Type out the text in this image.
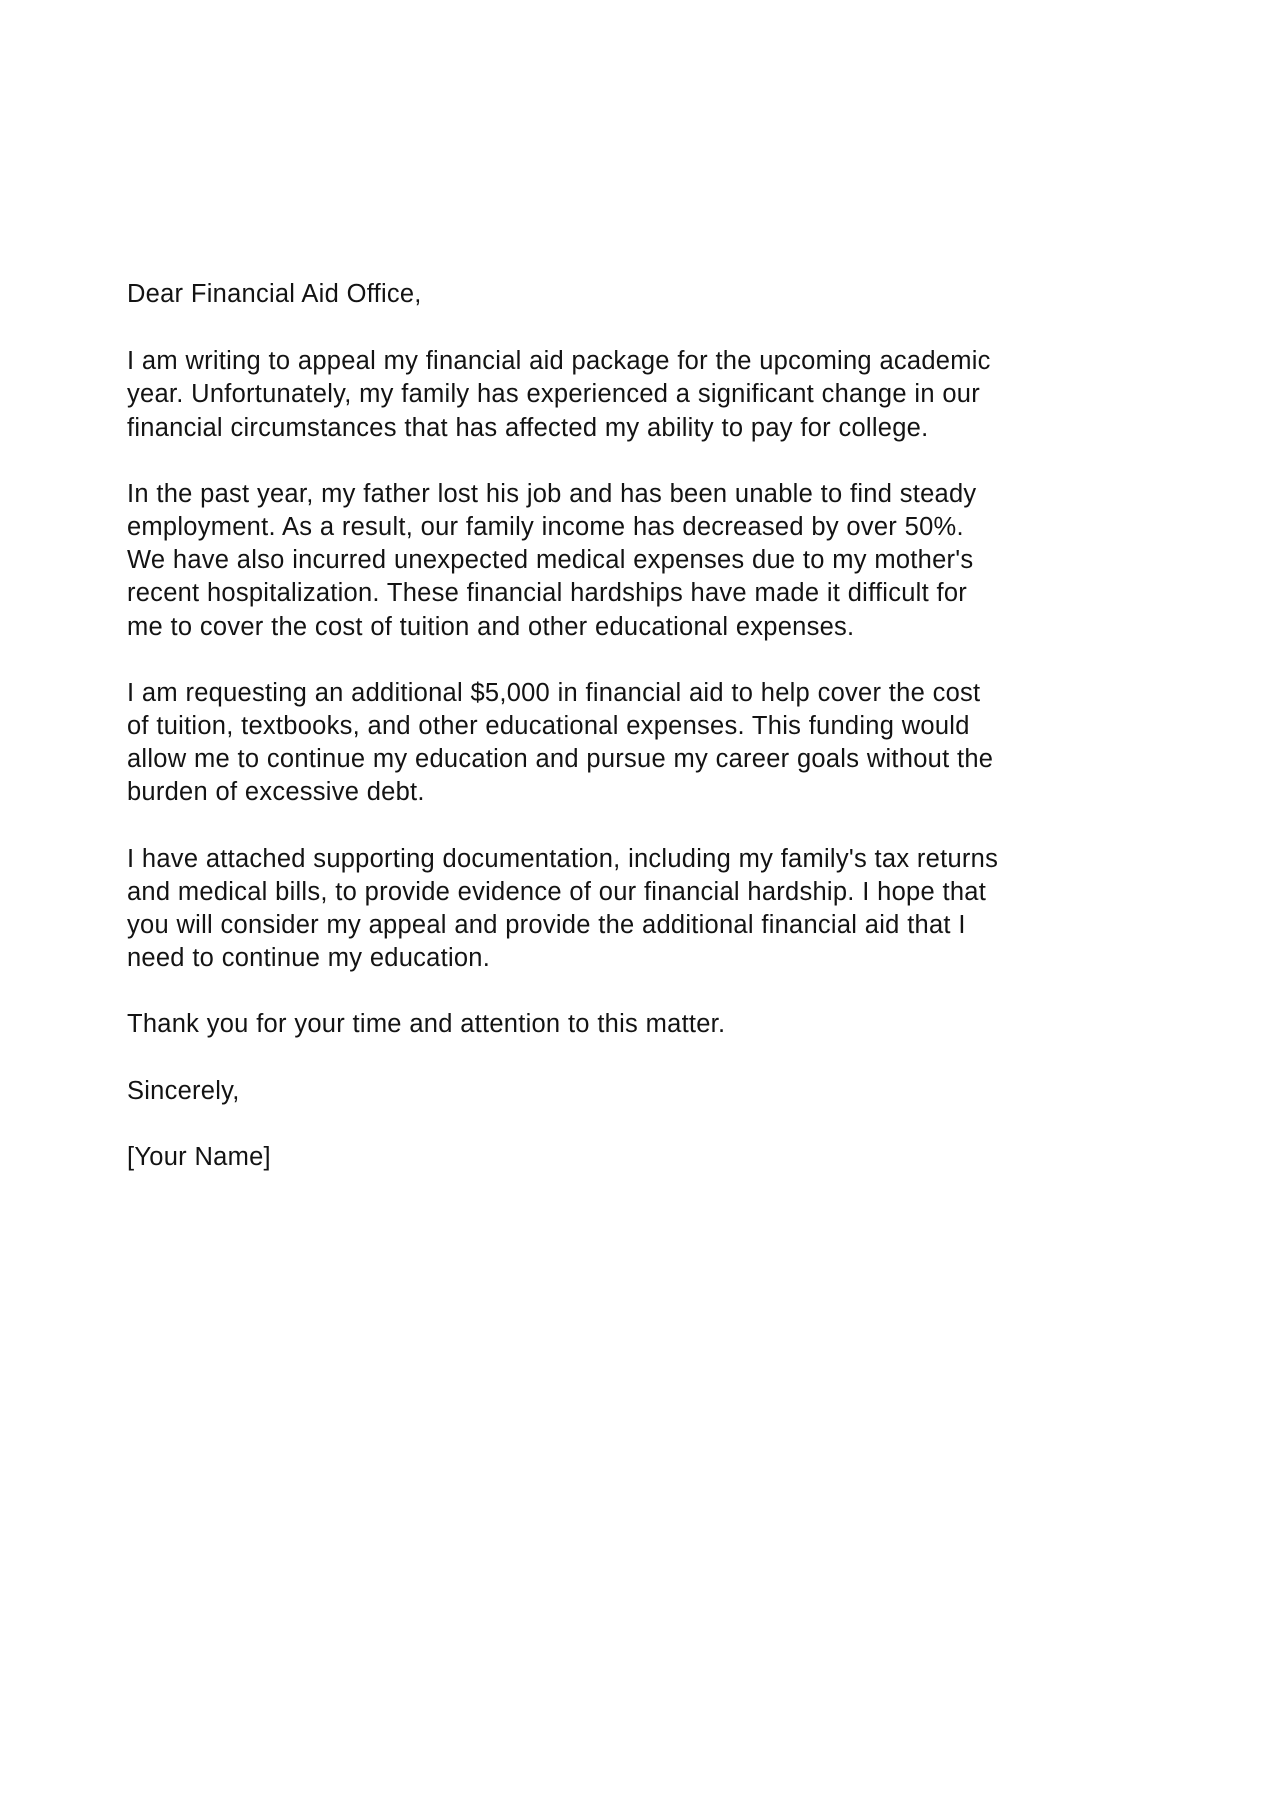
Dear Financial Aid Office,

I am writing to appeal my financial aid package for the upcoming academic year. Unfortunately, my family has experienced a significant change in our financial circumstances that has affected my ability to pay for college.

In the past year, my father lost his job and has been unable to find steady employment. As a result, our family income has decreased by over 50%. We have also incurred unexpected medical expenses due to my mother's recent hospitalization. These financial hardships have made it difficult for me to cover the cost of tuition and other educational expenses.

I am requesting an additional $5,000 in financial aid to help cover the cost of tuition, textbooks, and other educational expenses. This funding would allow me to continue my education and pursue my career goals without the burden of excessive debt.

I have attached supporting documentation, including my family's tax returns and medical bills, to provide evidence of our financial hardship. I hope that you will consider my appeal and provide the additional financial aid that I need to continue my education.

Thank you for your time and attention to this matter.

Sincerely,

[Your Name]
